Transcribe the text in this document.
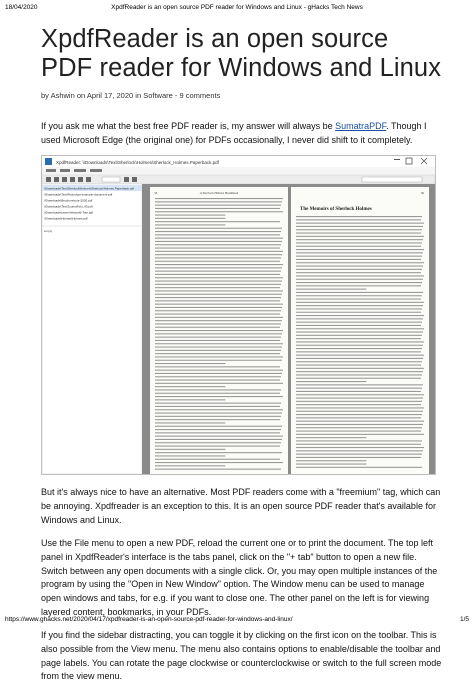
18/04/2020	XpdfReader is an open source PDF reader for Windows and Linux - gHacks Tech News
XpdfReader is an open source PDF reader for Windows and Linux
by Ashwin on April 17, 2020 in Software - 9 comments

If you ask me what the best free PDF reader is, my answer will always be SumatraPDF. Though I used Microsoft Edge (the original one) for PDFs occasionally, I never did shift to it completely.

XpdfReader: \\Downloads\Text\Sherlock\Holmes\Sherlock_Holmes.Paperback.pdf
\\Downloads\Text\Sherlock\Holmes\Sherlock\Holmes.Paperback.pdf
\\Downloads\Text\Fiction\an-example-document.pdf
\\Downloads\Brochure\tour-2020.pdf
\\Downloads\Text\Journal\Vol_43.pdf
\\Downloads\users-list\world-Tour.pdf
\\Downloads\Holmes\Holmes.pdf
empty
33	A Sherlock Holmes Handbook
The Memoirs of Sherlock Holmes
36

But it's always nice to have an alternative. Most PDF readers come with a "freemium" tag, which can be annoying. Xpdfreader is an exception to this. It is an open source PDF reader that's available for Windows and Linux.

Use the File menu to open a new PDF, reload the current one or to print the document. The top left panel in XpdfReader's interface is the tabs panel, click on the "+ tab" button to open a new file. Switch between any open documents with a single click. Or, you may open multiple instances of the program by using the "Open in New Window" option. The Window menu can be used to manage open windows and tabs, for e.g. if you want to close one. The other panel on the left is for viewing layered content, bookmarks, in your PDFs.

If you find the sidebar distracting, you can toggle it by clicking on the first icon on the toolbar. This is also possible from the View menu. The menu also contains options to enable/disable the toolbar and page labels. You can rotate the page clockwise or counterclockwise or switch to the full screen mode from the view menu.

https://www.ghacks.net/2020/04/17/xpdfreader-is-an-open-source-pdf-reader-for-windows-and-linux/	1/5
